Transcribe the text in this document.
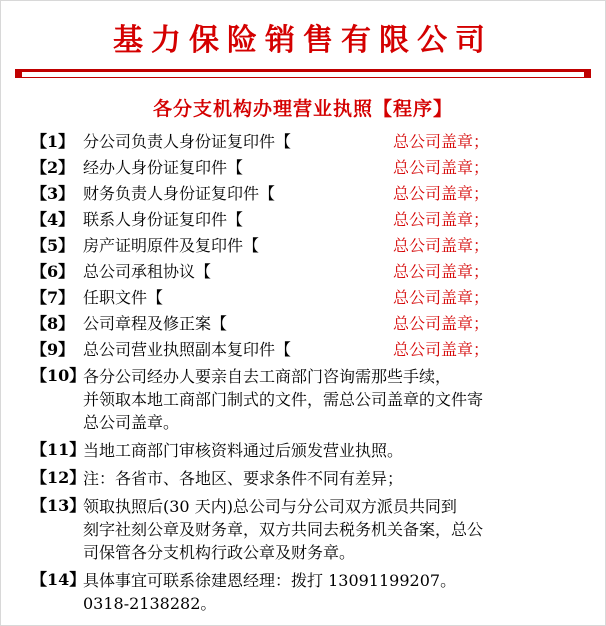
基力保险销售有限公司
各分支机构办理营业执照【程序】
【1】 分公司负责人身份证复印件【	总公司盖章；
【2】 经办人身份证复印件【	总公司盖章；
【3】 财务负责人身份证复印件【	总公司盖章；
【4】 联系人身份证复印件【	总公司盖章；
【5】 房产证明原件及复印件【	总公司盖章；
【6】 总公司承租协议【	总公司盖章；
【7】 任职文件【	总公司盖章；
【8】 公司章程及修正案【	总公司盖章；
【9】 总公司营业执照副本复印件【	总公司盖章；
【10】
各分公司经办人要亲自去工商部门咨询需那些手续，
并领取本地工商部门制式的文件，需总公司盖章的文件寄
总公司盖章。
【11】
当地工商部门审核资料通过后颁发营业执照。
【12】
注：各省市、各地区、要求条件不同有差异；
【13】
领取执照后(30 天内)总公司与分公司双方派员共同到
刻字社刻公章及财务章，双方共同去税务机关备案，总公
司保管各分支机构行政公章及财务章。
【14】
具体事宜可联系徐建恩经理：拨打 13091199207。
0318-2138282。
